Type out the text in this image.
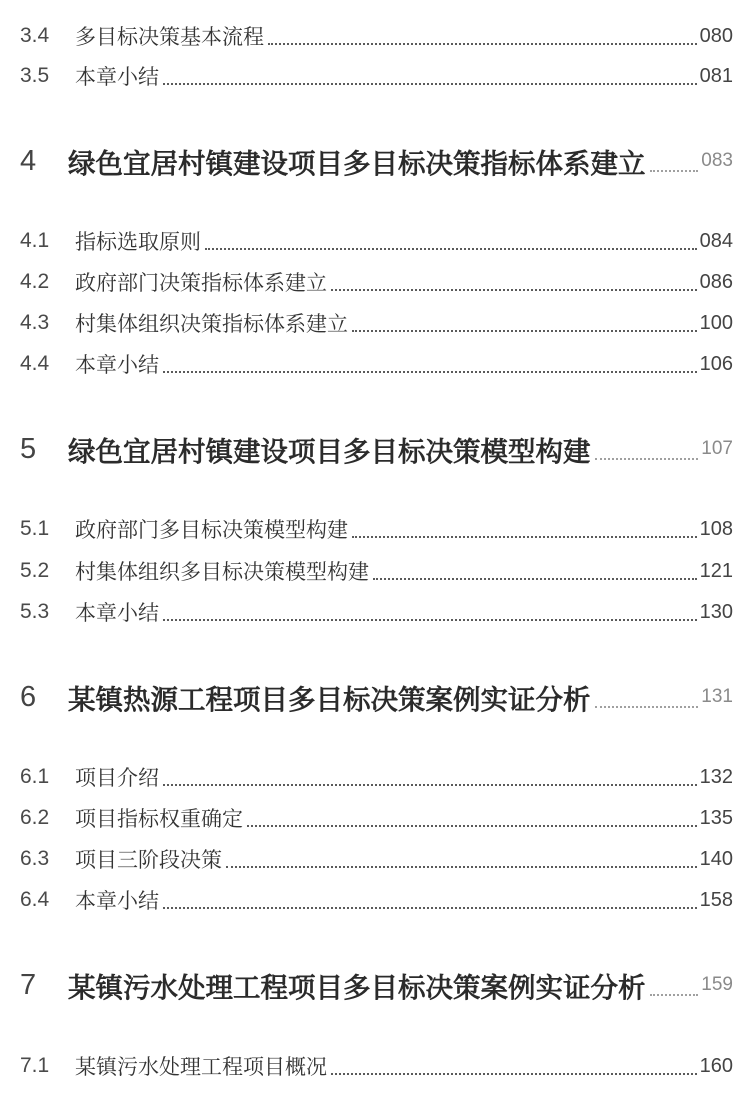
3.4	多目标决策基本流程	080
3.5	本章小结	081
4	绿色宜居村镇建设项目多目标决策指标体系建立	083
4.1	指标选取原则	084
4.2	政府部门决策指标体系建立	086
4.3	村集体组织决策指标体系建立	100
4.4	本章小结	106
5	绿色宜居村镇建设项目多目标决策模型构建	107
5.1	政府部门多目标决策模型构建	108
5.2	村集体组织多目标决策模型构建	121
5.3	本章小结	130
6	某镇热源工程项目多目标决策案例实证分析	131
6.1	项目介绍	132
6.2	项目指标权重确定	135
6.3	项目三阶段决策	140
6.4	本章小结	158
7	某镇污水处理工程项目多目标决策案例实证分析	159
7.1	某镇污水处理工程项目概况	160
